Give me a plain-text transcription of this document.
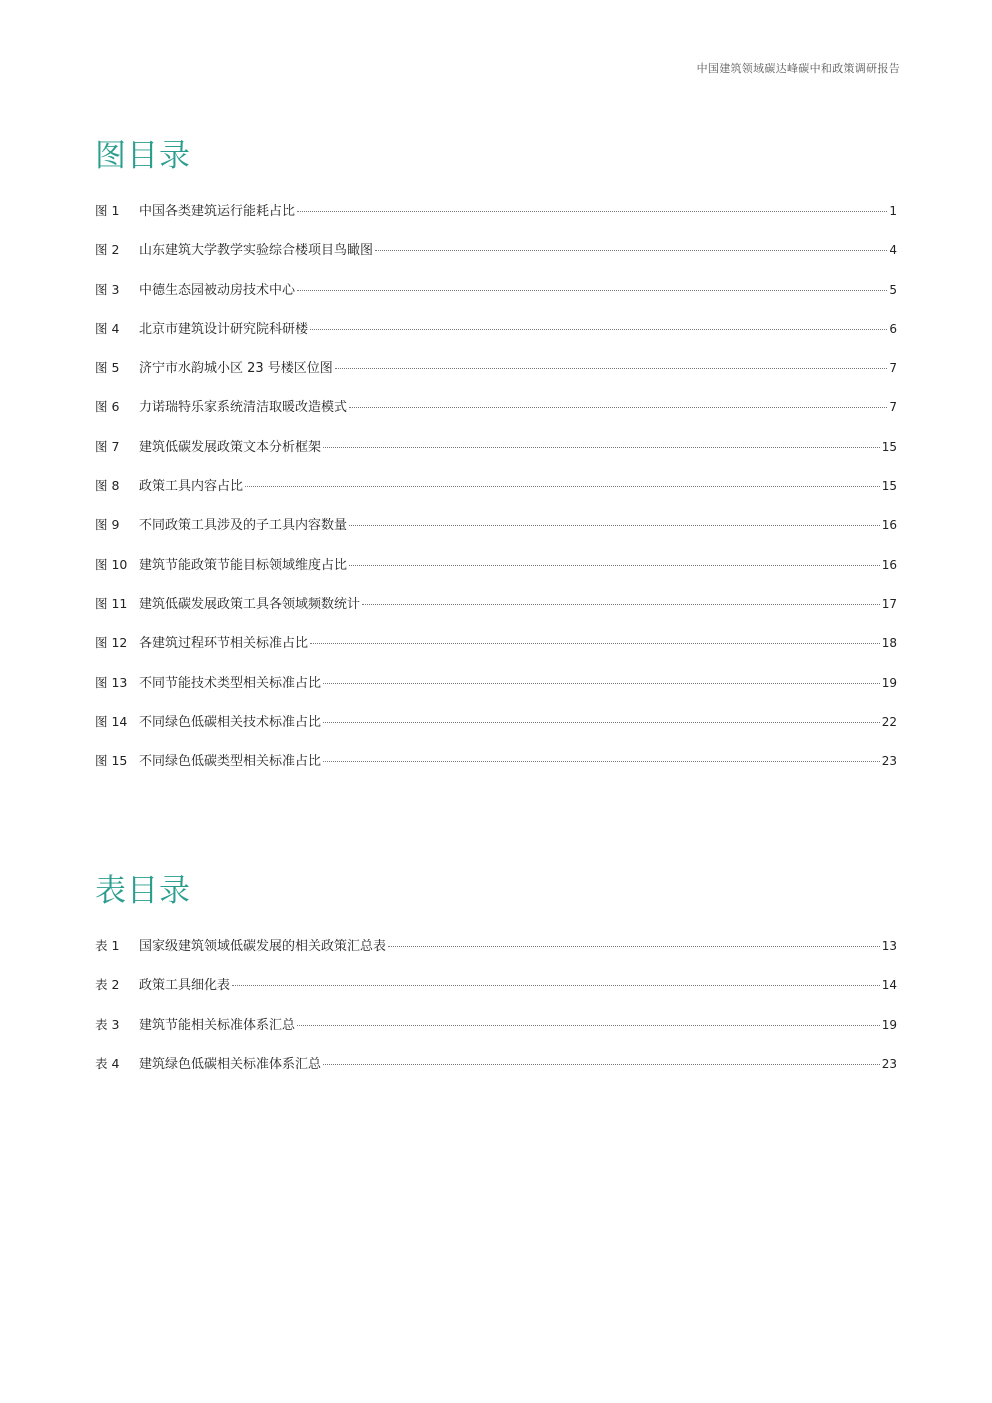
中国建筑领域碳达峰碳中和政策调研报告
图目录
图 1	中国各类建筑运行能耗占比	1
图 2	山东建筑大学教学实验综合楼项目鸟瞰图	4
图 3	中德生态园被动房技术中心	5
图 4	北京市建筑设计研究院科研楼	6
图 5	济宁市水韵城小区 23 号楼区位图	7
图 6	力诺瑞特乐家系统清洁取暖改造模式	7
图 7	建筑低碳发展政策文本分析框架	15
图 8	政策工具内容占比	15
图 9	不同政策工具涉及的子工具内容数量	16
图 10 建筑节能政策节能目标领域维度占比	16
图 11 建筑低碳发展政策工具各领域频数统计	17
图 12 各建筑过程环节相关标准占比	18
图 13 不同节能技术类型相关标准占比	19
图 14 不同绿色低碳相关技术标准占比	22
图 15 不同绿色低碳类型相关标准占比	23
表目录
表 1	国家级建筑领域低碳发展的相关政策汇总表	13
表 2	政策工具细化表	14
表 3	建筑节能相关标准体系汇总	19
表 4	建筑绿色低碳相关标准体系汇总	23
